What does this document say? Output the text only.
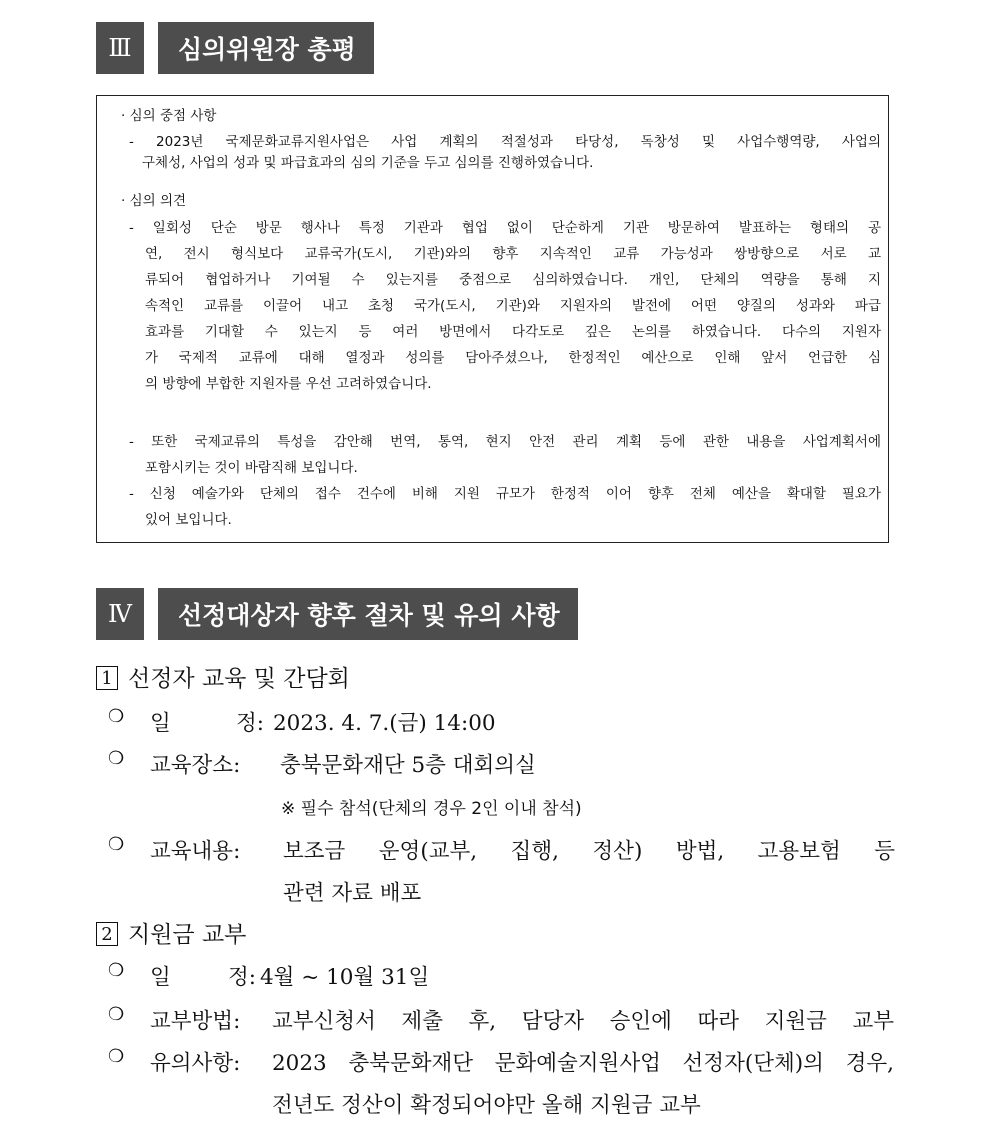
Ⅲ	심의위원장 총평
· 심의 중점 사항
- 2023년 국제문화교류지원사업은 사업 계획의 적절성과 타당성, 독창성 및 사업수행역량, 사업의
구체성, 사업의 성과 및 파급효과의 심의 기준을 두고 심의를 진행하였습니다.
· 심의 의견
- 일회성 단순 방문 행사나 특정 기관과 협업 없이 단순하게 기관 방문하여 발표하는 형태의 공
연, 전시 형식보다 교류국가(도시, 기관)와의 향후 지속적인 교류 가능성과 쌍방향으로 서로 교
류되어 협업하거나 기여될 수 있는지를 중점으로 심의하였습니다. 개인, 단체의 역량을 통해 지
속적인 교류를 이끌어 내고 초청 국가(도시, 기관)와 지원자의 발전에 어떤 양질의 성과와 파급
효과를 기대할 수 있는지 등 여러 방면에서 다각도로 깊은 논의를 하였습니다. 다수의 지원자
가 국제적 교류에 대해 열정과 성의를 담아주셨으나, 한정적인 예산으로 인해 앞서 언급한 심
의 방향에 부합한 지원자를 우선 고려하였습니다.
- 또한 국제교류의 특성을 감안해 번역, 통역, 현지 안전 관리 계획 등에 관한 내용을 사업계획서에
포함시키는 것이 바람직해 보입니다.
- 신청 예술가와 단체의 접수 건수에 비해 지원 규모가 한정적 이어 향후 전체 예산을 확대할 필요가
있어 보입니다.
Ⅳ	선정대상자 향후 절차 및 유의 사항
1 선정자 교육 및 간담회
❍ 일 정: 2023. 4. 7.(금) 14:00
❍ 교육장소: 충북문화재단 5층 대회의실
※ 필수 참석(단체의 경우 2인 이내 참석)
❍ 교육내용: 보조금 운영(교부, 집행, 정산) 방법, 고용보험 등
관련 자료 배포
2 지원금 교부
❍ 일 정: 4월 ~ 10월 31일
❍ 교부방법: 교부신청서 제출 후, 담당자 승인에 따라 지원금 교부
❍ 유의사항: 2023 충북문화재단 문화예술지원사업 선정자(단체)의 경우,
전년도 정산이 확정되어야만 올해 지원금 교부
